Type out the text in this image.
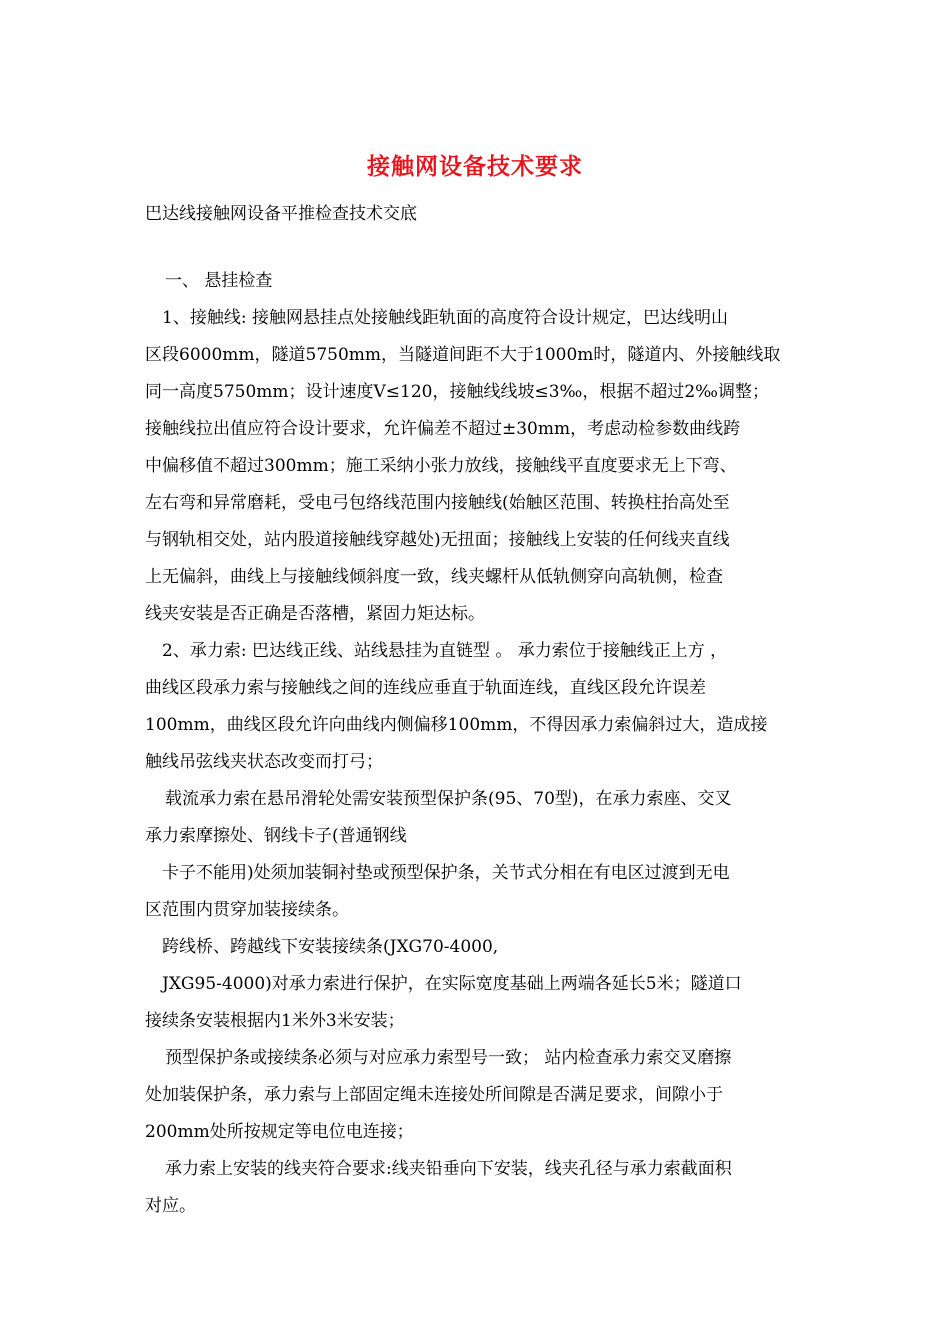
接触网设备技术要求
巴达线接触网设备平推检查技术交底
一、 悬挂检查
1、接触线: 接触网悬挂点处接触线距轨面的高度符合设计规定，巴达线明山
区段6000mm，隧道5750mm，当隧道间距不大于1000m时，隧道内、外接触线取
同一高度5750mm；设计速度V≤120，接触线线坡≤3‰，根据不超过2‰调整；
接触线拉出值应符合设计要求，允许偏差不超过±30mm，考虑动检参数曲线跨
中偏移值不超过300mm；施工采纳小张力放线，接触线平直度要求无上下弯、
左右弯和异常磨耗，受电弓包络线范围内接触线(始触区范围、转换柱抬高处至
与钢轨相交处，站内股道接触线穿越处)无扭面；接触线上安装的任何线夹直线
上无偏斜，曲线上与接触线倾斜度一致，线夹螺杆从低轨侧穿向高轨侧，检查
线夹安装是否正确是否落槽，紧固力矩达标。
2、承力索: 巴达线正线、站线悬挂为直链型 。 承力索位于接触线正上方 ，
曲线区段承力索与接触线之间的连线应垂直于轨面连线，直线区段允许误差
100mm，曲线区段允许向曲线内侧偏移100mm，不得因承力索偏斜过大，造成接
触线吊弦线夹状态改变而打弓；
载流承力索在悬吊滑轮处需安装预型保护条(95、70型)，在承力索座、交叉
承力索摩擦处、钢线卡子(普通钢线
卡子不能用)处须加装铜衬垫或预型保护条，关节式分相在有电区过渡到无电
区范围内贯穿加装接续条。
跨线桥、跨越线下安装接续条(JXG70-4000,
JXG95-4000)对承力索进行保护，在实际宽度基础上两端各延长5米；隧道口
接续条安装根据内1米外3米安装；
预型保护条或接续条必须与对应承力索型号一致； 站内检查承力索交叉磨擦
处加装保护条，承力索与上部固定绳未连接处所间隙是否满足要求，间隙小于
200mm处所按规定等电位电连接；
承力索上安装的线夹符合要求:线夹铅垂向下安装，线夹孔径与承力索截面积
对应。
